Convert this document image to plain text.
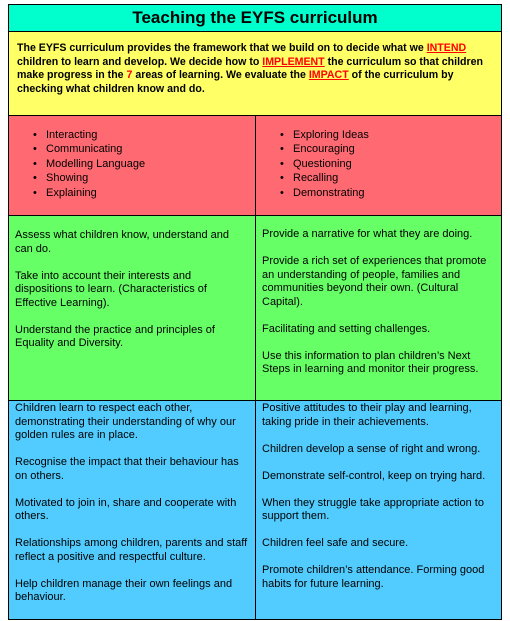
Teaching the EYFS curriculum
The EYFS curriculum provides the framework that we build on to decide what we INTEND children to learn and develop. We decide how to IMPLEMENT the curriculum so that children make progress in the 7 areas of learning. We evaluate the IMPACT of the curriculum by checking what children know and do.
• Interacting
• Communicating
• Modelling Language
• Showing
• Explaining
• Exploring Ideas
• Encouraging
• Questioning
• Recalling
• Demonstrating

Assess what children know, understand and can do.

Take into account their interests and dispositions to learn. (Characteristics of Effective Learning).

Understand the practice and principles of Equality and Diversity.

Provide a narrative for what they are doing.

Provide a rich set of experiences that promote an understanding of people, families and communities beyond their own. (Cultural Capital).

Facilitating and setting challenges.

Use this information to plan children’s Next Steps in learning and monitor their progress.

Children learn to respect each other, demonstrating their understanding of why our golden rules are in place.

Recognise the impact that their behaviour has on others.

Motivated to join in, share and cooperate with others.

Relationships among children, parents and staff reflect a positive and respectful culture.

Help children manage their own feelings and behaviour.

Positive attitudes to their play and learning, taking pride in their achievements.

Children develop a sense of right and wrong.

Demonstrate self-control, keep on trying hard.

When they struggle take appropriate action to support them.

Children feel safe and secure.

Promote children’s attendance. Forming good habits for future learning.
